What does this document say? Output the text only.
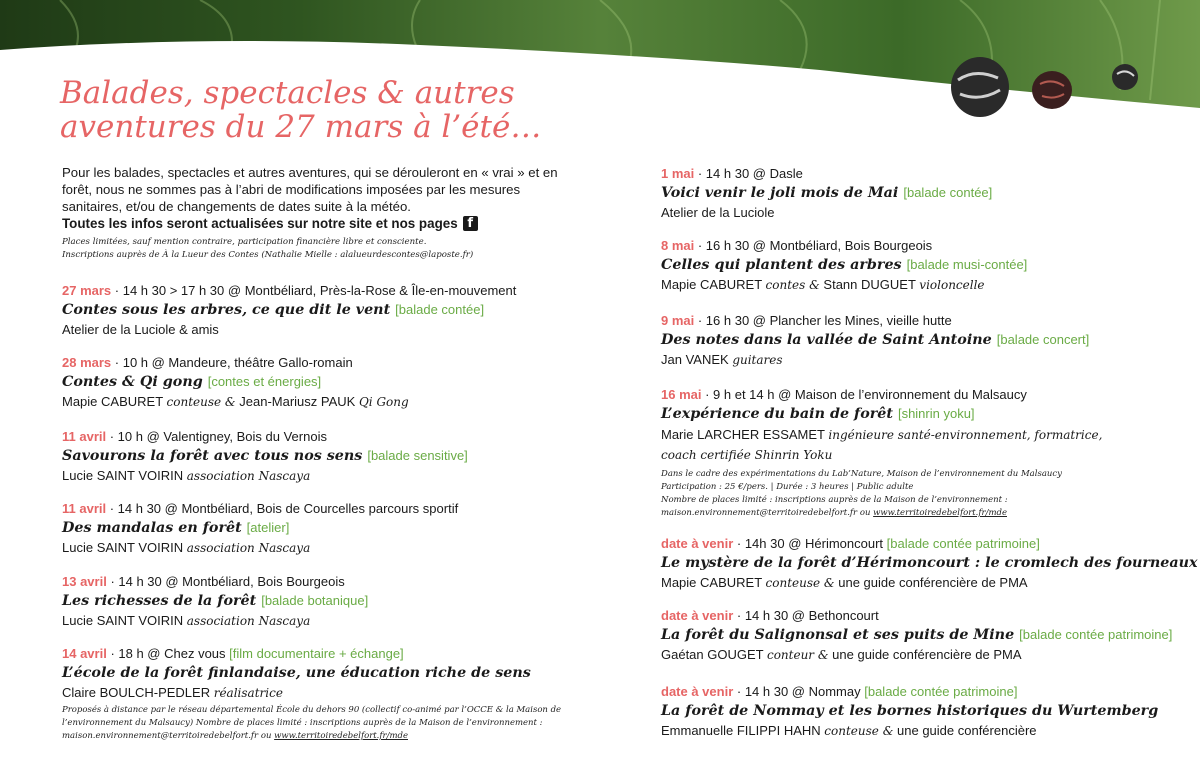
Balades, spectacles & autres
aventures du 27 mars à l’été…

Pour les balades, spectacles et autres aventures, qui se dérouleront en « vrai » et en forêt, nous ne sommes pas à l’abri de modifications imposées par les mesures sanitaires, et/ou de changements de dates suite à la météo.

Toutes les infos seront actualisées sur notre site et nos pages f

Places limitées, sauf mention contraire, participation financière libre et consciente.

Inscriptions auprès de À la Lueur des Contes (Nathalie Mielle : alalueurdescontes@laposte.fr)

27 mars · 14 h 30 > 17 h 30 @ Montbéliard, Près-la-Rose & Île-en-mouvement
Contes sous les arbres, ce que dit le vent [balade contée]
Atelier de la Luciole & amis
28 mars · 10 h @ Mandeure, théâtre Gallo-romain
Contes & Qi gong [contes et énergies]
Mapie CABURET conteuse & Jean-Mariusz PAUK Qi Gong
11 avril · 10 h @ Valentigney, Bois du Vernois
Savourons la forêt avec tous nos sens [balade sensitive]
Lucie SAINT VOIRIN association Nascaya
11 avril · 14 h 30 @ Montbéliard, Bois de Courcelles parcours sportif
Des mandalas en forêt [atelier]
Lucie SAINT VOIRIN association Nascaya
13 avril · 14 h 30 @ Montbéliard, Bois Bourgeois
Les richesses de la forêt [balade botanique]
Lucie SAINT VOIRIN association Nascaya
14 avril · 18 h @ Chez vous [film documentaire + échange]
L’école de la forêt finlandaise, une éducation riche de sens
Claire BOULCH-PEDLER réalisatrice
Proposés à distance par le réseau départemental École du dehors 90 (collectif co-animé par l’OCCE & la Maison de l’environnement du Malsaucy) Nombre de places limité : inscriptions auprès de la Maison de l’environnement :
maison.environnement@territoiredebelfort.fr ou www.territoiredebelfort.fr/mde
1 mai · 14 h 30 @ Dasle
Voici venir le joli mois de Mai [balade contée]
Atelier de la Luciole
8 mai · 16 h 30 @ Montbéliard, Bois Bourgeois
Celles qui plantent des arbres [balade musi-contée]
Mapie CABURET contes & Stann DUGUET violoncelle
9 mai · 16 h 30 @ Plancher les Mines, vieille hutte
Des notes dans la vallée de Saint Antoine [balade concert]
Jan VANEK guitares
16 mai · 9 h et 14 h @ Maison de l’environnement du Malsaucy
L’expérience du bain de forêt [shinrin yoku]
Marie LARCHER ESSAMET ingénieure santé-environnement, formatrice, coach certifiée Shinrin Yoku
Dans le cadre des expérimentations du Lab’Nature, Maison de l’environnement du Malsaucy
Participation : 25 €/pers. | Durée : 3 heures | Public adulte
Nombre de places limité : inscriptions auprès de la Maison de l’environnement :
maison.environnement@territoiredebelfort.fr ou www.territoiredebelfort.fr/mde
date à venir · 14h 30 @ Hérimoncourt [balade contée patrimoine]
Le mystère de la forêt d’Hérimoncourt : le cromlech des fourneaux
Mapie CABURET conteuse & une guide conférencière de PMA
date à venir · 14 h 30 @ Bethoncourt
La forêt du Salignonsal et ses puits de Mine [balade contée patrimoine]
Gaétan GOUGET conteur & une guide conférencière de PMA
date à venir · 14 h 30 @ Nommay [balade contée patrimoine]
La forêt de Nommay et les bornes historiques du Wurtemberg
Emmanuelle FILIPPI HAHN conteuse & une guide conférencière
